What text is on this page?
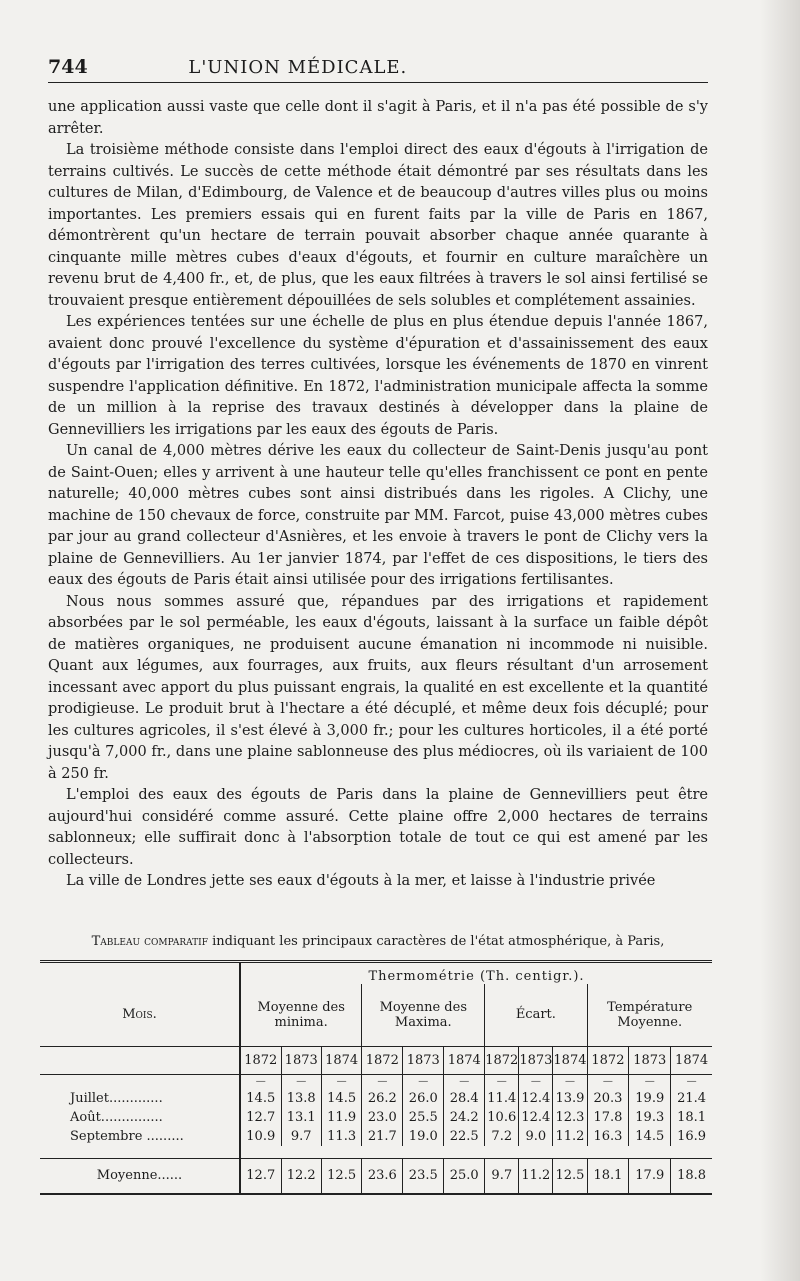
744	L'UNION MÉDICALE.

une application aussi vaste que celle dont il s'agit à Paris, et il n'a pas été possible de s'y arrêter.

La troisième méthode consiste dans l'emploi direct des eaux d'égouts à l'irrigation de terrains cultivés. Le succès de cette méthode était démontré par ses résultats dans les cultures de Milan, d'Edimbourg, de Valence et de beaucoup d'autres villes plus ou moins importantes. Les premiers essais qui en furent faits par la ville de Paris en 1867, démontrèrent qu'un hectare de terrain pouvait absorber chaque année quarante à cinquante mille mètres cubes d'eaux d'égouts, et fournir en culture maraîchère un revenu brut de 4,400 fr., et, de plus, que les eaux filtrées à travers le sol ainsi fertilisé se trouvaient presque entièrement dépouillées de sels solubles et complétement assainies.

Les expériences tentées sur une échelle de plus en plus étendue depuis l'année 1867, avaient donc prouvé l'excellence du système d'épuration et d'assainissement des eaux d'égouts par l'irrigation des terres cultivées, lorsque les événements de 1870 en vinrent suspendre l'application définitive. En 1872, l'administration municipale affecta la somme de un million à la reprise des travaux destinés à développer dans la plaine de Gennevilliers les irrigations par les eaux des égouts de Paris.

Un canal de 4,000 mètres dérive les eaux du collecteur de Saint-Denis jusqu'au pont de Saint-Ouen; elles y arrivent à une hauteur telle qu'elles franchissent ce pont en pente naturelle; 40,000 mètres cubes sont ainsi distribués dans les rigoles. A Clichy, une machine de 150 chevaux de force, construite par MM. Farcot, puise 43,000 mètres cubes par jour au grand collecteur d'Asnières, et les envoie à travers le pont de Clichy vers la plaine de Gennevilliers. Au 1er janvier 1874, par l'effet de ces dispositions, le tiers des eaux des égouts de Paris était ainsi utilisée pour des irrigations fertilisantes.

Nous nous sommes assuré que, répandues par des irrigations et rapidement absorbées par le sol perméable, les eaux d'égouts, laissant à la surface un faible dépôt de matières organiques, ne produisent aucune émanation ni incommode ni nuisible. Quant aux légumes, aux fourrages, aux fruits, aux fleurs résultant d'un arrosement incessant avec apport du plus puissant engrais, la qualité en est excellente et la quantité prodigieuse. Le produit brut à l'hectare a été décuplé, et même deux fois décuplé; pour les cultures agricoles, il s'est élevé à 3,000 fr.; pour les cultures horticoles, il a été porté jusqu'à 7,000 fr., dans une plaine sablonneuse des plus médiocres, où ils variaient de 100 à 250 fr.

L'emploi des eaux des égouts de Paris dans la plaine de Gennevilliers peut être aujourd'hui considéré comme assuré. Cette plaine offre 2,000 hectares de terrains sablonneux; elle suffirait donc à l'absorption totale de tout ce qui est amené par les collecteurs.

La ville de Londres jette ses eaux d'égouts à la mer, et laisse à l'industrie privée

Tableau comparatif indiquant les principaux caractères de l'état atmosphérique, à Paris,
	Thermométrie (Th. centigr.).											
Mois.	Moyenne des minima.			Moyenne des Maxima.			Écart.			Température Moyenne.		
	1872	1873	1874	1872	1873	1874	1872	1873	1874	1872	1873	1874
	—	—	—	—	—	—	—	—	—	—	—	—
Juillet.............	14.5	13.8	14.5	26.2	26.0	28.4	11.4	12.4	13.9	20.3	19.9	21.4
Août...............	12.7	13.1	11.9	23.0	25.5	24.2	10.6	12.4	12.3	17.8	19.3	18.1
Septembre .........	10.9	9.7	11.3	21.7	19.0	22.5	7.2	9.0	11.2	16.3	14.5	16.9

Moyenne......	12.7	12.2	12.5	23.6	23.5	25.0	9.7	11.2	12.5	18.1	17.9	18.8
